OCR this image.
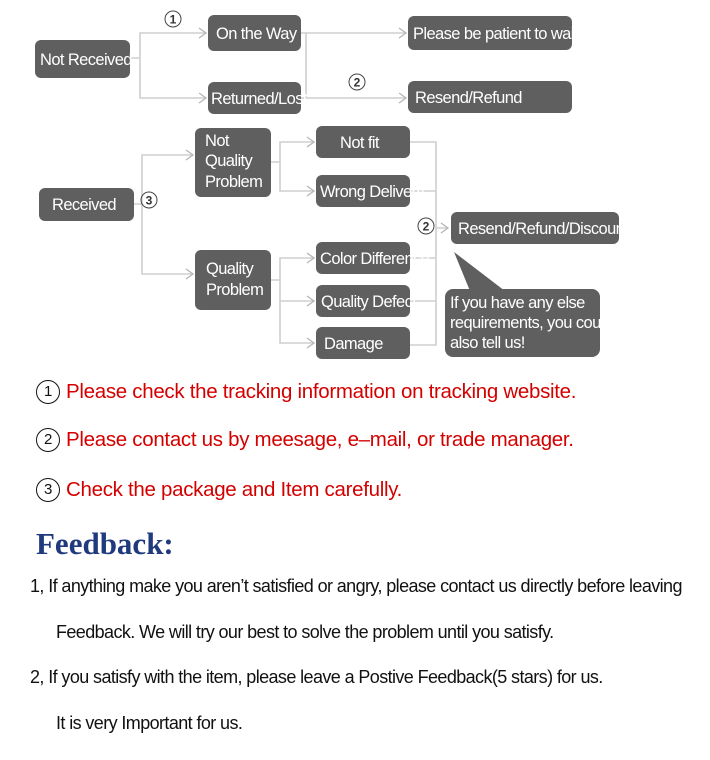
1
2
3
2
Not Received
On the Way
Returned/Lost
Please be patient to wait
Resend/Refund
Received
Not
Quality
Problem
Quality
Problem
Not fit
Wrong Delivery
Color Difference
Quality Defect
Damage
Resend/Refund/Discount
If you have any else
requirements, you could
also tell us!

1 Please check the tracking information on tracking website.

2 Please contact us by meesage, e–mail, or trade manager.

3 Check the package and Item carefully.

Feedback:

1, If anything make you aren’t satisfied or angry, please contact us directly before leaving

Feedback. We will try our best to solve the problem until you satisfy.

2, If you satisfy with the item, please leave a Postive Feedback(5 stars) for us.

It is very Important for us.
